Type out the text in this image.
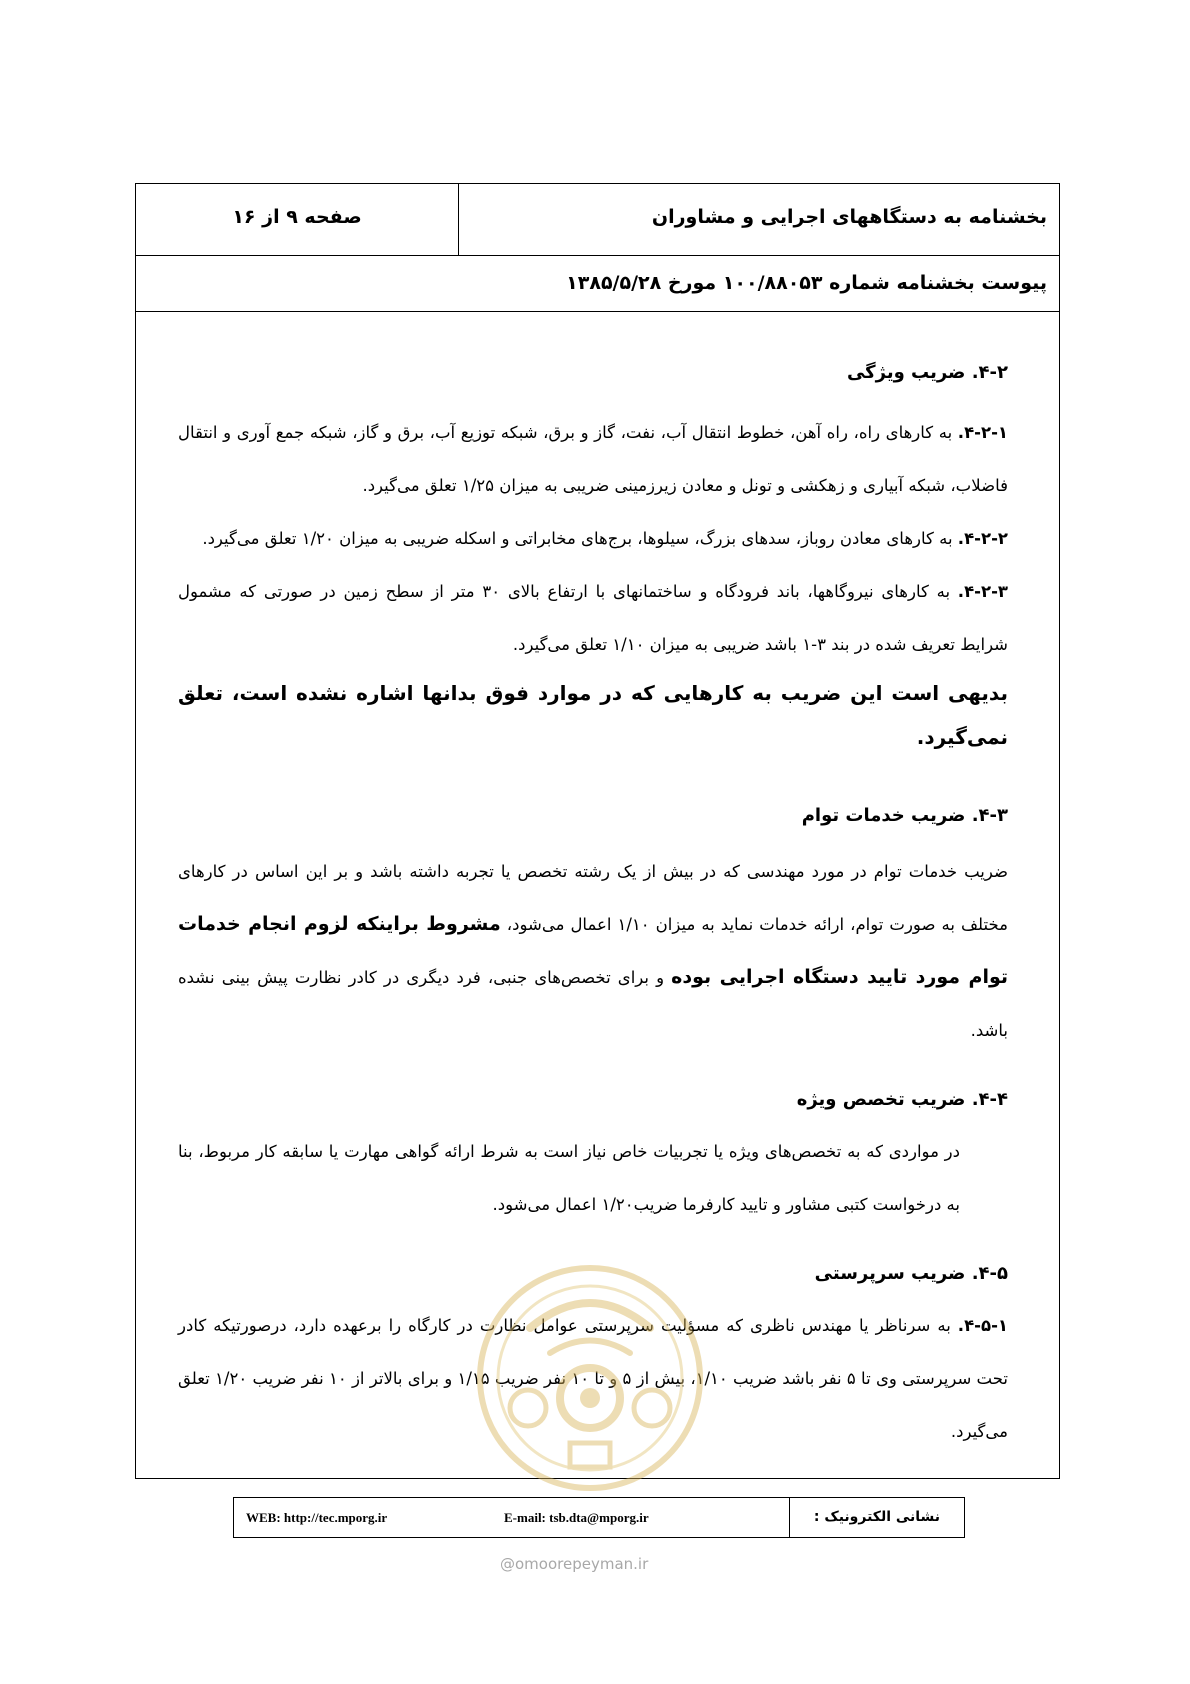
بخشنامه به دستگاههای اجرایی و مشاوران
صفحه ۹ از ۱۶
پیوست بخشنامه شماره ۱۰۰/۸۸۰۵۳ مورخ ۱۳۸۵/۵/۲۸

۴-۲. ضریب ویژگی

۴-۲-۱. به کارهای راه، راه آهن، خطوط انتقال آب، نفت، گاز و برق، شبکه توزیع آب، برق و گاز، شبکه جمع آوری و انتقال فاضلاب، شبکه آبیاری و زهکشی و تونل و معادن زیرزمینی ضریبی به میزان ۱/۲۵ تعلق می‌گیرد.

۴-۲-۲. به کارهای معادن روباز، سدهای بزرگ، سیلوها، برج‌های مخابراتی و اسکله ضریبی به میزان ۱/۲۰ تعلق می‌گیرد.

۴-۲-۳. به کارهای نیروگاهها، باند فرودگاه و ساختمانهای با ارتفاع بالای ۳۰ متر از سطح زمین در صورتی که مشمول شرایط تعریف شده در بند ۳-۱ باشد ضریبی به میزان ۱/۱۰ تعلق می‌گیرد.

بدیهی است این ضریب به کارهایی که در موارد فوق بدانها اشاره نشده است، تعلق نمی‌گیرد.

۴-۳. ضریب خدمات توام

ضریب خدمات توام در مورد مهندسی که در بیش از یک رشته تخصص یا تجربه داشته باشد و بر این اساس در کارهای مختلف به صورت توام، ارائه خدمات نماید به میزان ۱/۱۰ اعمال می‌شود، مشروط براینکه لزوم انجام خدمات توام مورد تایید دستگاه اجرایی بوده و برای تخصص‌های جنبی، فرد دیگری در کادر نظارت پیش بینی نشده باشد.

۴-۴. ضریب تخصص ویژه

در مواردی که به تخصص‌های ویژه یا تجربیات خاص نیاز است به شرط ارائه گواهی مهارت یا سابقه کار مربوط، بنا به درخواست کتبی مشاور و تایید کارفرما ضریب۱/۲۰ اعمال می‌شود.

۴-۵. ضریب سرپرستی

۴-۵-۱. به سرناظر یا مهندس ناظری که مسؤلیت سرپرستی عوامل نظارت در کارگاه را برعهده دارد، درصورتیکه کادر تحت سرپرستی وی تا ۵ نفر باشد ضریب ۱/۱۰، بیش از ۵ و تا ۱۰ نفر ضریب ۱/۱۵ و برای بالاتر از ۱۰ نفر ضریب ۱/۲۰ تعلق می‌گیرد.

نشانی الکترونیک :
WEB: http://tec.mporg.ir	E-mail: tsb.dta@mporg.ir
@omoorepeyman.ir
